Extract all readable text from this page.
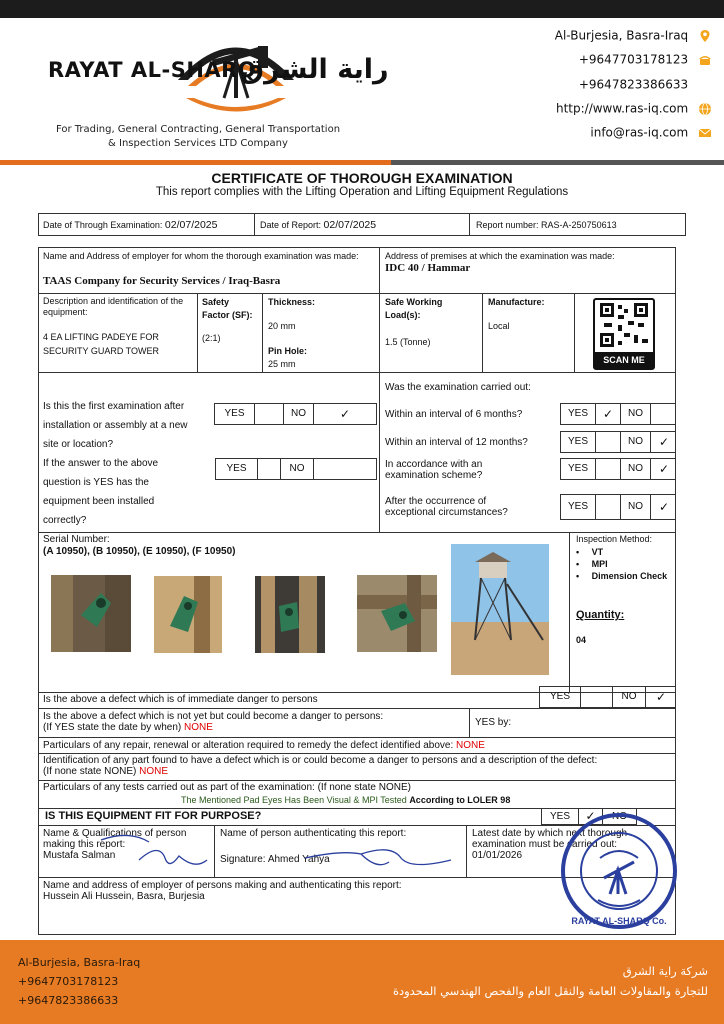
RAYAT AL-SHARQ
راية الشرق
For Trading, General Contracting, General Transportation
& Inspection Services LTD Company
Al-Burjesia, Basra-Iraq
+9647703178123
+9647823386633
http://www.ras-iq.com
info@ras-iq.com
CERTIFICATE OF THOROUGH EXAMINATION
This report complies with the Lifting Operation and Lifting Equipment Regulations
Date of Through Examination: 02/07/2025	Date of Report: 02/07/2025	Report number: RAS-A-250750613
Name and Address of employer for whom the thorough examination was made:
TAAS Company for Security Services / Iraq-Basra
Address of premises at which the examination was made:
IDC 40 / Hammar
Description and identification of the equipment:
4 EA LIFTING PADEYE FOR
SECURITY GUARD TOWER
Safety
Factor (SF):
(2:1)
Thickness:
20 mm
Pin Hole:
25 mm
Safe Working
Load(s):
1.5 (Tonne)
Manufacture:
Local
SCAN ME
Is this the first examination after
installation or assembly at a new
site or location?
YES	NO	✓
If the answer to the above
question is YES has the
equipment been installed
correctly?
YES	NO
Was the examination carried out:
Within an interval of 6 months?	YES	✓	NO
Within an interval of 12 months?	YES	NO	✓
In accordance with an
examination scheme?
YES	NO	✓
After the occurrence of
exceptional circumstances?
YES	NO	✓
Serial Number:
(A 10950), (B 10950), (E 10950), (F 10950)
Inspection Method:
•     VT
•     MPI
•     Dimension Check
Quantity:
04
Is the above a defect which is of immediate danger to persons	YES	NO	✓
Is the above a defect which is not yet but could become a danger to persons:
(If YES state the date by when) NONE	YES by:
Particulars of any repair, renewal or alteration required to remedy the defect identified above: NONE
Identification of any part found to have a defect which is or could become a danger to persons and a description of the defect:
(If none state NONE) NONE
Particulars of any tests carried out as part of the examination: (If none state NONE)
The Mentioned Pad Eyes Has Been Visual & MPI Tested According to LOLER 98
IS THIS EQUIPMENT FIT FOR PURPOSE?	YES	✓	NO
Name & Qualifications of person
making this report:
Mustafa Salman
Name of person authenticating this report:
Signature: Ahmed Yahya
Latest date by which next thorough
examination must be carried out:
01/01/2026
Name and address of employer of persons making and authenticating this report:
Hussein Ali Hussein, Basra, Burjesia
RAYAT AL-SHARQ Co.
Al-Burjesia, Basra-Iraq
+9647703178123
+9647823386633
شركة راية الشرق
للتجارة والمقاولات العامة والنقل العام والفحص الهندسي المحدودة
